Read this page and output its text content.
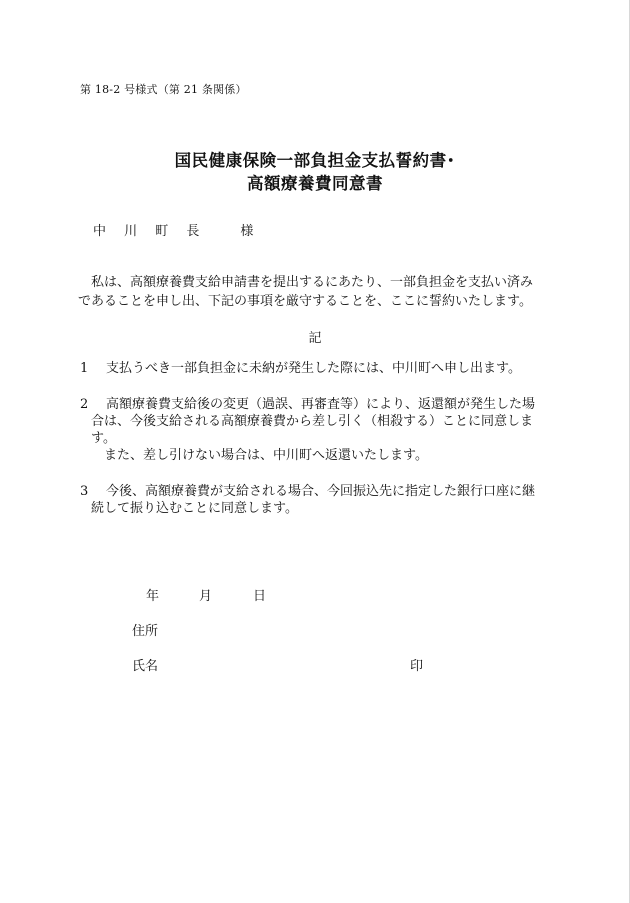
第 18-2 号様式（第 21 条関係）
国民健康保険一部負担金支払誓約書･
高額療養費同意書
中 川 町 長	様

私は、高額療養費支給申請書を提出するにあたり、一部負担金を支払い済み

であることを申し出、下記の事項を厳守することを、ここに誓約いたします。

記
1	支払うべき一部負担金に未納が発生した際には、中川町へ申し出ます。
2	高額療養費支給後の変更（過誤、再審査等）により、返還額が発生した場
合は、今後支給される高額療養費から差し引く（相殺する）ことに同意しま
す。
また、差し引けない場合は、中川町へ返還いたします。
3	今後、高額療養費が支給される場合、今回振込先に指定した銀行口座に継
続して振り込むことに同意します。
年	月	日
住所
氏名	印
